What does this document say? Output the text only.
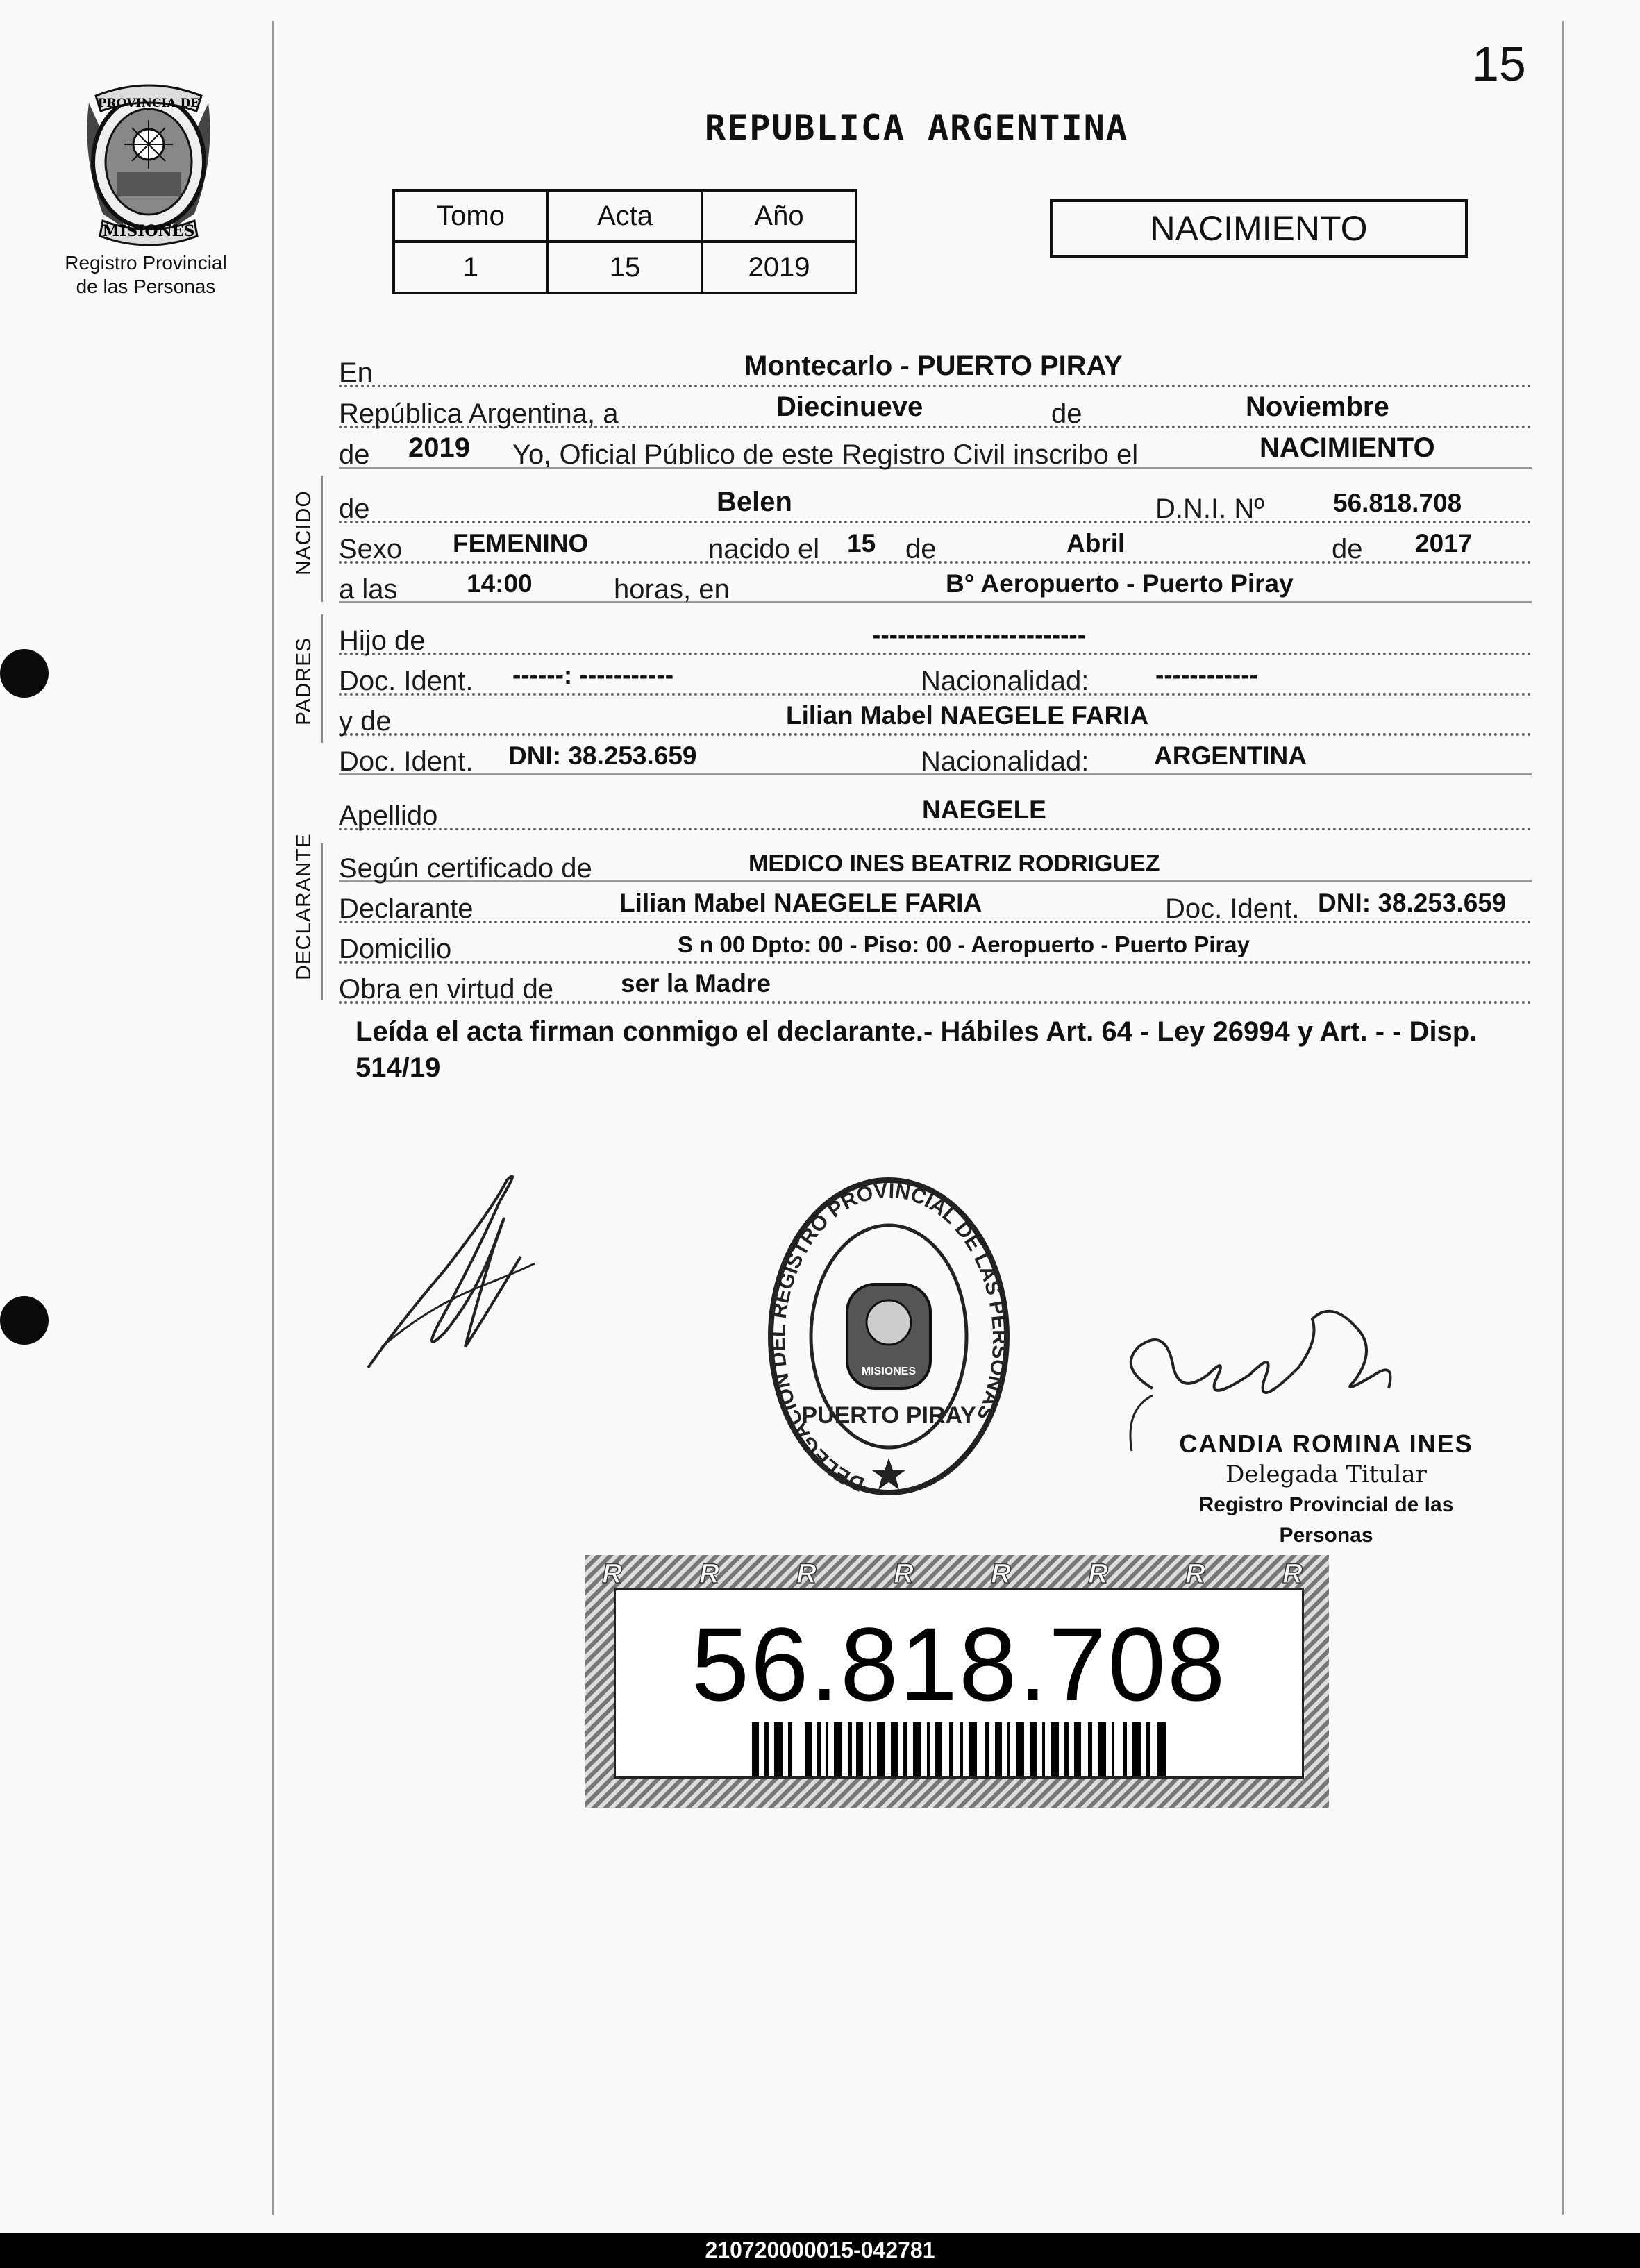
15
PROVINCIA DE
MISIONES
Registro Provincial
de las Personas
REPUBLICA ARGENTINA
Tomo	Acta	Año
1	15	2019
NACIMIENTO
En	Montecarlo - PUERTO PIRAY
República Argentina, a	Diecinueve	de	Noviembre
de 2019 Yo, Oficial Público de este Registro Civil inscribo el	NACIMIENTO
NACIDO de	Belen	D.N.I. Nº	56.818.708
Sexo FEMENINO	nacido el 15 de	Abril	de 2017
a las	14:00	horas, en	B° Aeropuerto - Puerto Piray
PADRES Hijo de	-------------------------
Doc. Ident. ------: -----------	Nacionalidad:	------------
y de	Lilian Mabel NAEGELE FARIA
Doc. Ident. DNI: 38.253.659	Nacionalidad:	ARGENTINA
Apellido	NAEGELE
DECLARANTE Según certificado de	MEDICO INES BEATRIZ RODRIGUEZ
Declarante	Lilian Mabel NAEGELE FARIA	Doc. Ident. DNI: 38.253.659
Domicilio	S n 00 Dpto: 00 - Piso: 00 - Aeropuerto - Puerto Piray
Obra en virtud de	ser la Madre
Leída el acta firman conmigo el declarante.- Hábiles Art. 64 - Ley 26994 y Art. - - Disp. 514/19
DELEGACION DEL REGISTRO PROVINCIAL DE LAS PERSONAS
MISIONES
PUERTO PIRAY
CANDIA ROMINA INES
Delegada Titular
Registro Provincial de las Personas
R	R	R	R	R	R	R	R
56.818.708
210720000015-042781
